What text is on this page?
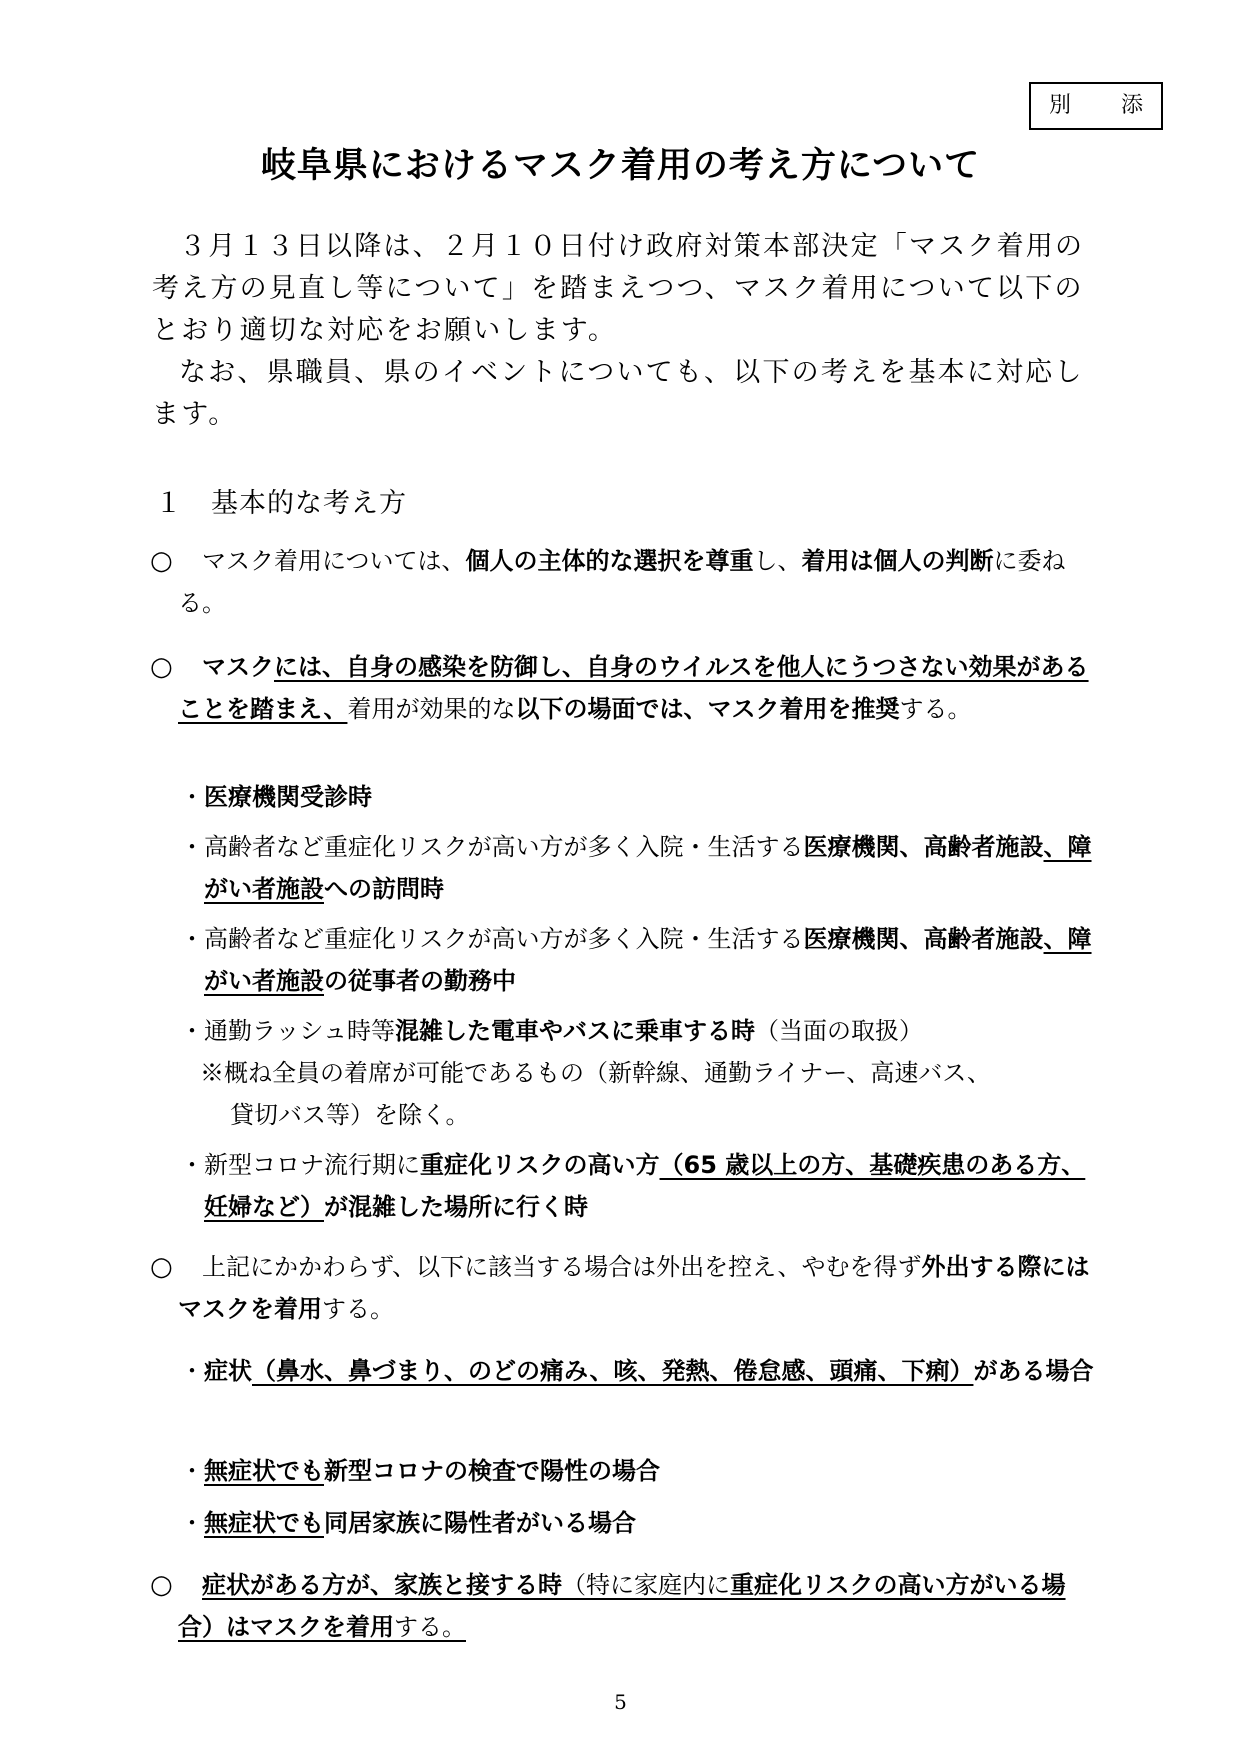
別　添
岐阜県におけるマスク着用の考え方について

３月１３日以降は、２月１０日付け政府対策本部決定「マスク着用の考え方の見直し等について」を踏まえつつ、マスク着用について以下のとおり適切な対応をお願いします。

なお、県職員、県のイベントについても、以下の考えを基本に対応します。

１ 基本的な考え方
○	マスク着用については、個人の主体的な選択を尊重し、着用は個人の判断に委ねる。
○	マスクには、自身の感染を防御し、自身のウイルスを他人にうつさない効果があることを踏まえ、着用が効果的な以下の場面では、マスク着用を推奨する。
・ 医療機関受診時
・ 高齢者など重症化リスクが高い方が多く入院・生活する医療機関、高齢者施設、障がい者施設への訪問時
・ 高齢者など重症化リスクが高い方が多く入院・生活する医療機関、高齢者施設、障がい者施設の従事者の勤務中
・ 通勤ラッシュ時等混雑した電車やバスに乗車する時（当面の取扱）
※概ね全員の着席が可能であるもの（新幹線、通勤ライナー、高速バス、
貸切バス等）を除く。
・ 新型コロナ流行期に重症化リスクの高い方（65 歳以上の方、基礎疾患のある方、妊婦など）が混雑した場所に行く時
○	上記にかかわらず、以下に該当する場合は外出を控え、やむを得ず外出する際にはマスクを着用する。
・ 症状（鼻水、鼻づまり、のどの痛み、咳、発熱、倦怠感、頭痛、下痢）がある場合
・ 無症状でも新型コロナの検査で陽性の場合
・ 無症状でも同居家族に陽性者がいる場合
○	症状がある方が、家族と接する時（特に家庭内に重症化リスクの高い方がいる場合）はマスクを着用する。
5
